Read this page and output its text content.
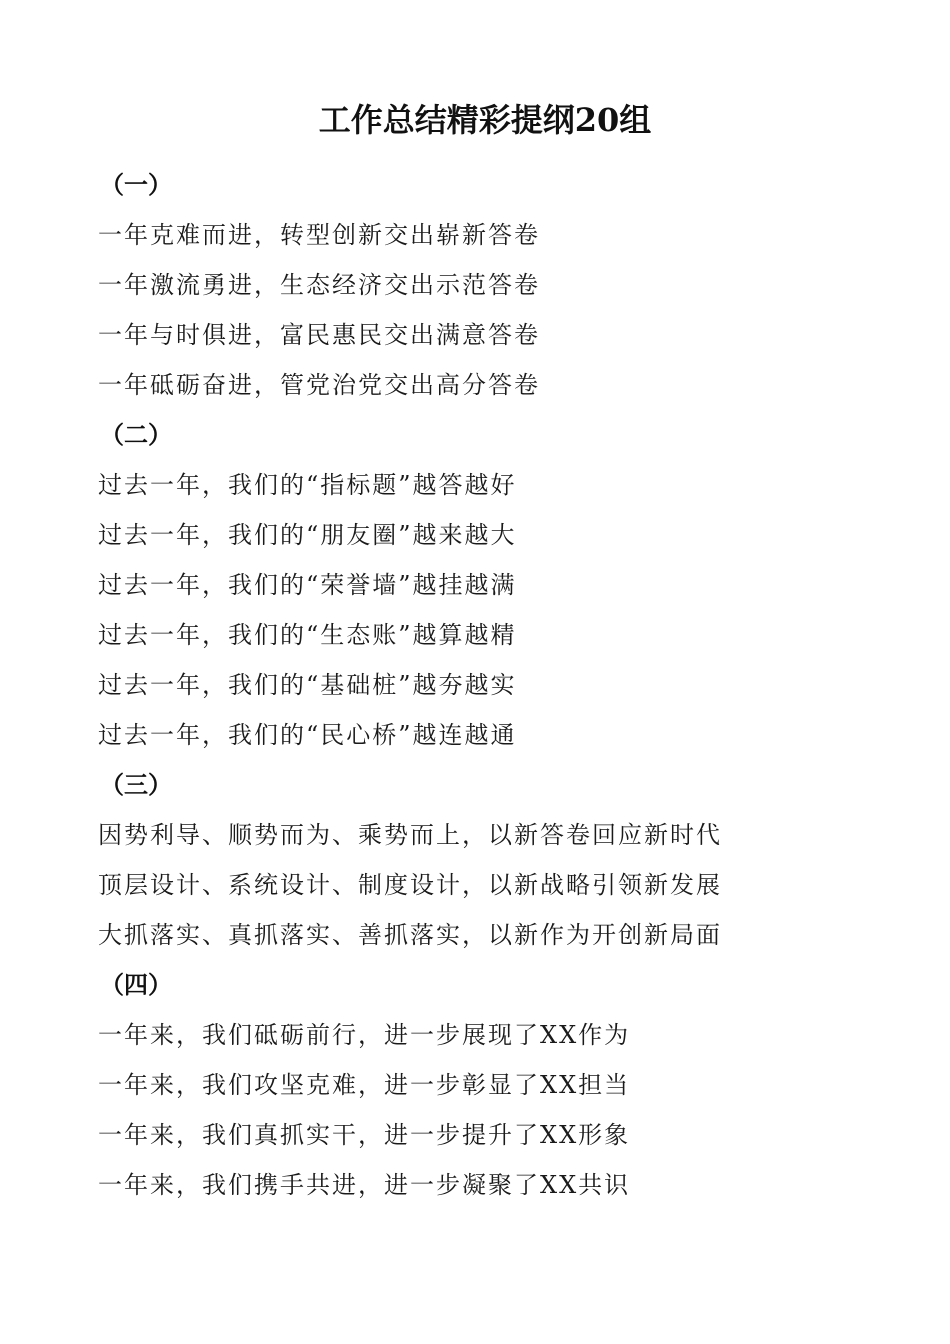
工作总结精彩提纲20组
（一）
一年克难而进，转型创新交出崭新答卷
一年激流勇进，生态经济交出示范答卷
一年与时俱进，富民惠民交出满意答卷
一年砥砺奋进，管党治党交出高分答卷
（二）
过去一年，我们的“指标题”越答越好
过去一年，我们的“朋友圈”越来越大
过去一年，我们的“荣誉墙”越挂越满
过去一年，我们的“生态账”越算越精
过去一年，我们的“基础桩”越夯越实
过去一年，我们的“民心桥”越连越通
（三）
因势利导、顺势而为、乘势而上，以新答卷回应新时代
顶层设计、系统设计、制度设计，以新战略引领新发展
大抓落实、真抓落实、善抓落实，以新作为开创新局面
（四）
一年来，我们砥砺前行，进一步展现了XX作为
一年来，我们攻坚克难，进一步彰显了XX担当
一年来，我们真抓实干，进一步提升了XX形象
一年来，我们携手共进，进一步凝聚了XX共识
